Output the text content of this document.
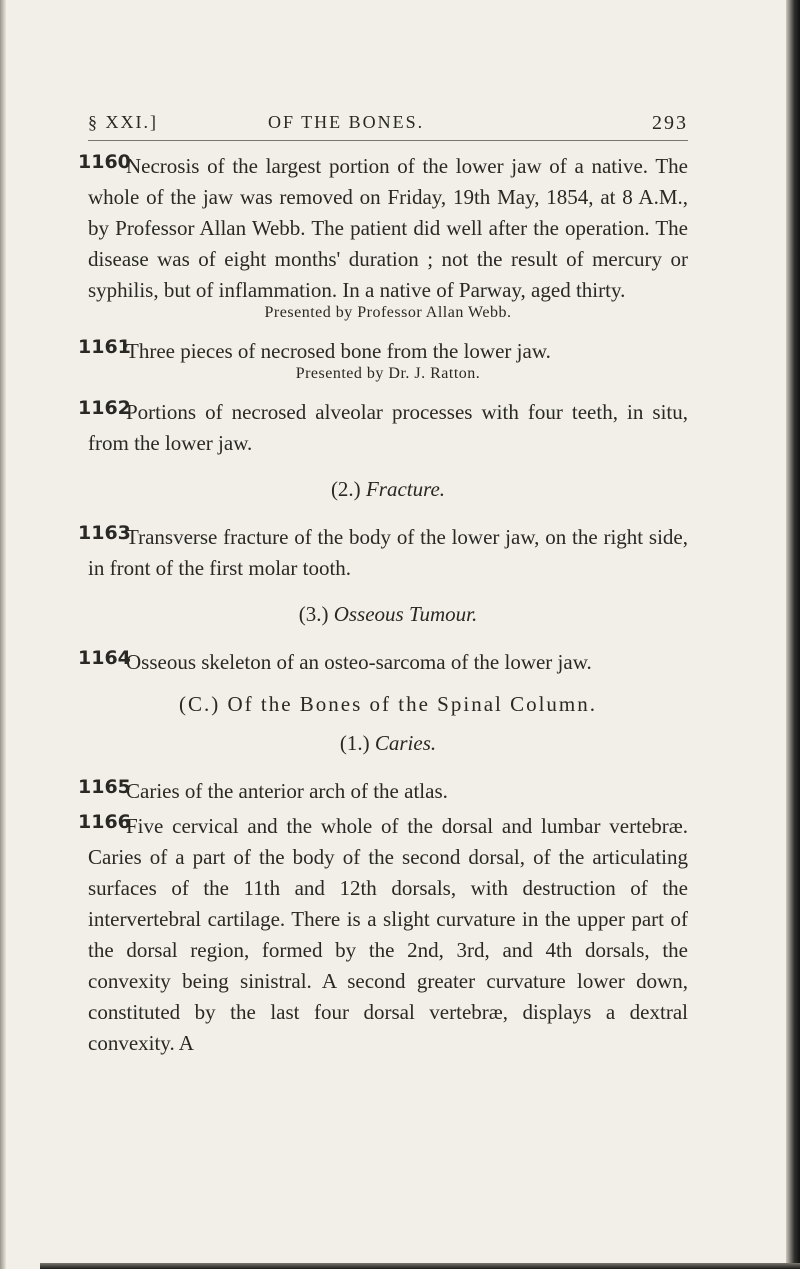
§ XXI.]	OF THE BONES.	293
1160

Necrosis of the largest portion of the lower jaw of a native. The whole of the jaw was removed on Friday, 19th May, 1854, at 8 A.M., by Professor Allan Webb. The patient did well after the operation. The disease was of eight months' duration ; not the result of mercury or syphilis, but of inflammation. In a native of Parway, aged thirty.

Presented by Professor Allan Webb.
1161

Three pieces of necrosed bone from the lower jaw.

Presented by Dr. J. Ratton.
1162

Portions of necrosed alveolar processes with four teeth, in situ, from the lower jaw.

(2.) Fracture.
1163

Transverse fracture of the body of the lower jaw, on the right side, in front of the first molar tooth.

(3.) Osseous Tumour.
1164

Osseous skeleton of an osteo-sarcoma of the lower jaw.

(C.) Of the Bones of the Spinal Column.
(1.) Caries.
1165

Caries of the anterior arch of the atlas.

1166

Five cervical and the whole of the dorsal and lumbar vertebræ. Caries of a part of the body of the second dorsal, of the articulating surfaces of the 11th and 12th dorsals, with destruction of the intervertebral cartilage. There is a slight curvature in the upper part of the dorsal region, formed by the 2nd, 3rd, and 4th dorsals, the convexity being sinistral. A second greater curvature lower down, constituted by the last four dorsal vertebræ, displays a dextral convexity. A
